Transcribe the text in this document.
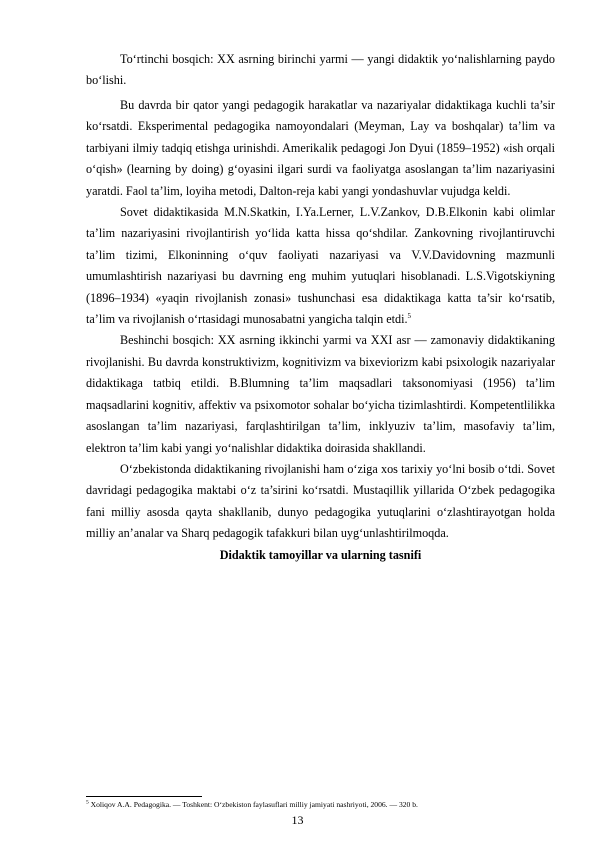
To‘rtinchi bosqich: XX asrning birinchi yarmi — yangi didaktik yo‘nalishlarning paydo bo‘lishi.

Bu davrda bir qator yangi pedagogik harakatlar va nazariyalar didaktikaga kuchli ta’sir ko‘rsatdi. Eksperimental pedagogika namoyondalari (Meyman, Lay va boshqalar) ta’lim va tarbiyani ilmiy tadqiq etishga urinishdi. Amerikalik pedagogi Jon Dyui (1859–1952) «ish orqali o‘qish» (learning by doing) g‘oyasini ilgari surdi va faoliyatga asoslangan ta’lim nazariyasini yaratdi. Faol ta’lim, loyiha metodi, Dalton-reja kabi yangi yondashuvlar vujudga keldi.

Sovet didaktikasida M.N.Skatkin, I.Ya.Lerner, L.V.Zankov, D.B.Elkonin kabi olimlar ta’lim nazariyasini rivojlantirish yo‘lida katta hissa qo‘shdilar. Zankovning rivojlantiruvchi ta’lim tizimi, Elkoninning o‘quv faoliyati nazariyasi va V.V.Davidovning mazmunli umumlashtirish nazariyasi bu davrning eng muhim yutuqlari hisoblanadi. L.S.Vigotskiyning (1896–1934) «yaqin rivojlanish zonasi» tushunchasi esa didaktikaga katta ta’sir ko‘rsatib, ta’lim va rivojlanish o‘rtasidagi munosabatni yangicha talqin etdi.$^5$

Beshinchi bosqich: XX asrning ikkinchi yarmi va XXI asr — zamonaviy didaktikaning rivojlanishi. Bu davrda konstruktivizm, kognitivizm va bixeviorizm kabi psixologik nazariyalar didaktikaga tatbiq etildi. B.Blumning ta’lim maqsadlari taksonomiyasi (1956) ta’lim maqsadlarini kognitiv, affektiv va psixomotor sohalar bo‘yicha tizimlashtirdi. Kompetentlilikka asoslangan ta’lim nazariyasi, farqlashtirilgan ta’lim, inklyuziv ta’lim, masofaviy ta’lim, elektron ta’lim kabi yangi yo‘nalishlar didaktika doirasida shakllandi.

O‘zbekistonda didaktikaning rivojlanishi ham o‘ziga xos tarixiy yo‘lni bosib o‘tdi. Sovet davridagi pedagogika maktabi o‘z ta’sirini ko‘rsatdi. Mustaqillik yillarida O‘zbek pedagogika fani milliy asosda qayta shakllanib, dunyo pedagogika yutuqlarini o‘zlashtirayotgan holda milliy an’analar va Sharq pedagogik tafakkuri bilan uyg‘unlashtirilmoqda.

Didaktik tamoyillar va ularning tasnifi

$^5$ Xoliqov A.A. Pedagogika. — Toshkent: O‘zbekiston faylasuflari milliy jamiyati nashriyoti, 2006. — 320 b.
13
